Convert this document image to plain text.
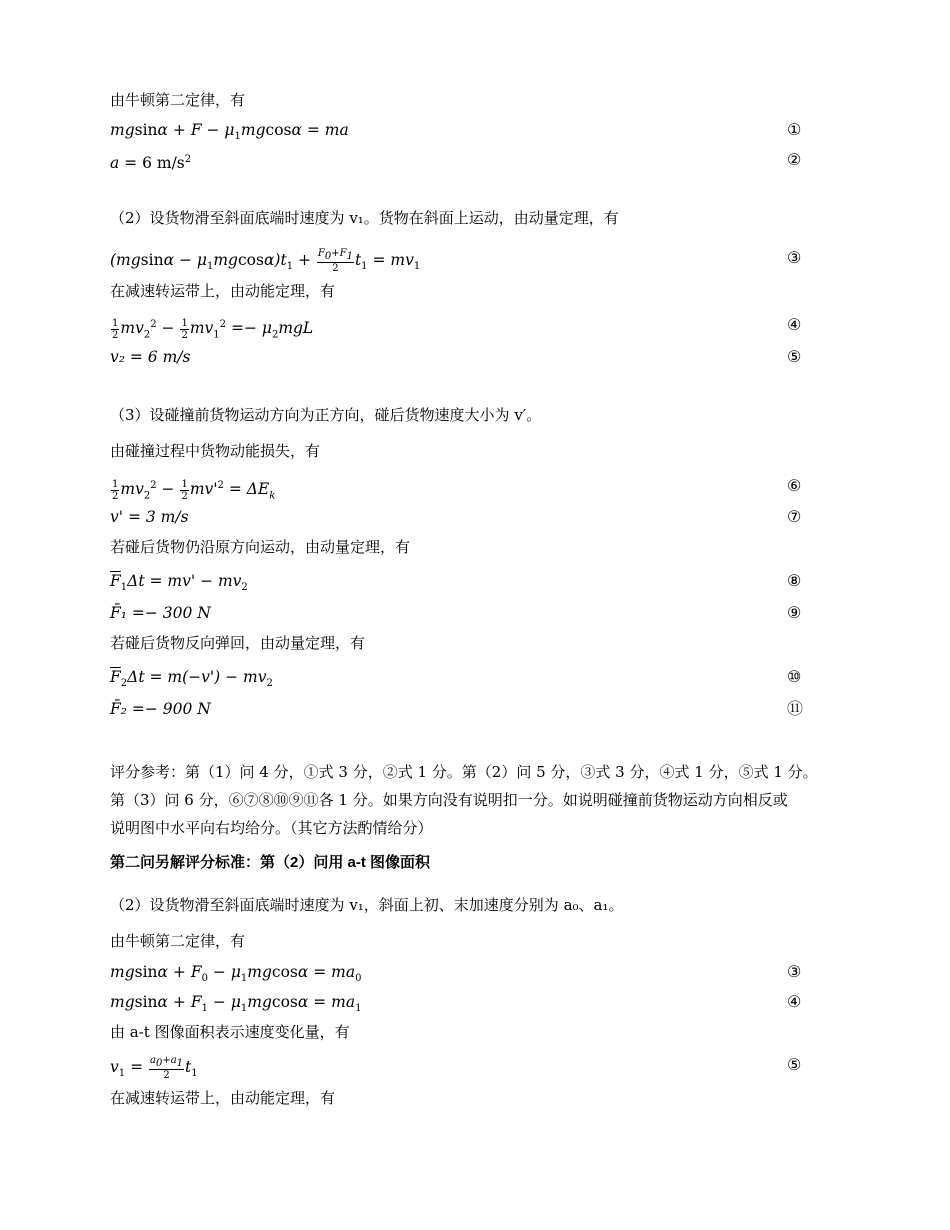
由牛顿第二定律，有
$mgsin\alpha + F - \mu_1mgcos\alpha$ = ma	①
a = 6 $m/s^2$	②
（2）设货物滑至斜面底端时速度为 v₁。货物在斜面上运动，由动量定理，有
$(mgsin\alpha - \mu_1mgcos\alpha)t_1 + \frac{F_0+F_1}{2} t_1 = mv_1$	③
在减速转运带上，由动能定理，有
$\frac{1}{2} mv_2^2 - \frac{1}{2} mv_1^2 =- \mu_2mgL$	④
v₂ = 6 m/s	⑤
（3）设碰撞前货物运动方向为正方向，碰后货物速度大小为 v′。
由碰撞过程中货物动能损失，有
$\frac{1}{2} mv_2^2 - \frac{1}{2} mv'^2 = \Delta E_k$
⑥
v' = 3 m/s	⑦
若碰后货物仍沿原方向运动，由动量定理，有
$\overline{F}_1\Delta t = mv' - mv_2$	⑧
F̄₁ =− 300 N	⑨
若碰后货物反向弹回，由动量定理，有
$\overline{F}_2\Delta t = m(-v') - mv_2$	⑩
F̄₂ =− 900 N	⑪
评分参考：第（1）问 4 分，①式 3 分，②式 1 分。第（2）问 5 分，③式 3 分，④式 1 分，⑤式 1 分。
第（3）问 6 分，⑥⑦⑧⑩⑨⑪各 1 分。如果方向没有说明扣一分。如说明碰撞前货物运动方向相反或
说明图中水平向右均给分。（其它方法酌情给分）
第二问另解评分标准：第（2）问用 a-t 图像面积
（2）设货物滑至斜面底端时速度为 v₁，斜面上初、末加速度分别为 a₀、a₁。
由牛顿第二定律，有
$mgsin\alpha + F_0 - \mu_1mgcos\alpha = ma_0$	③
$mgsin\alpha + F_1 - \mu_1mgcos\alpha = ma_1$	④
由 a-t 图像面积表示速度变化量，有
$v_1 = \frac{a_0+a_1}{2} t_1$	⑤
在减速转运带上，由动能定理，有
